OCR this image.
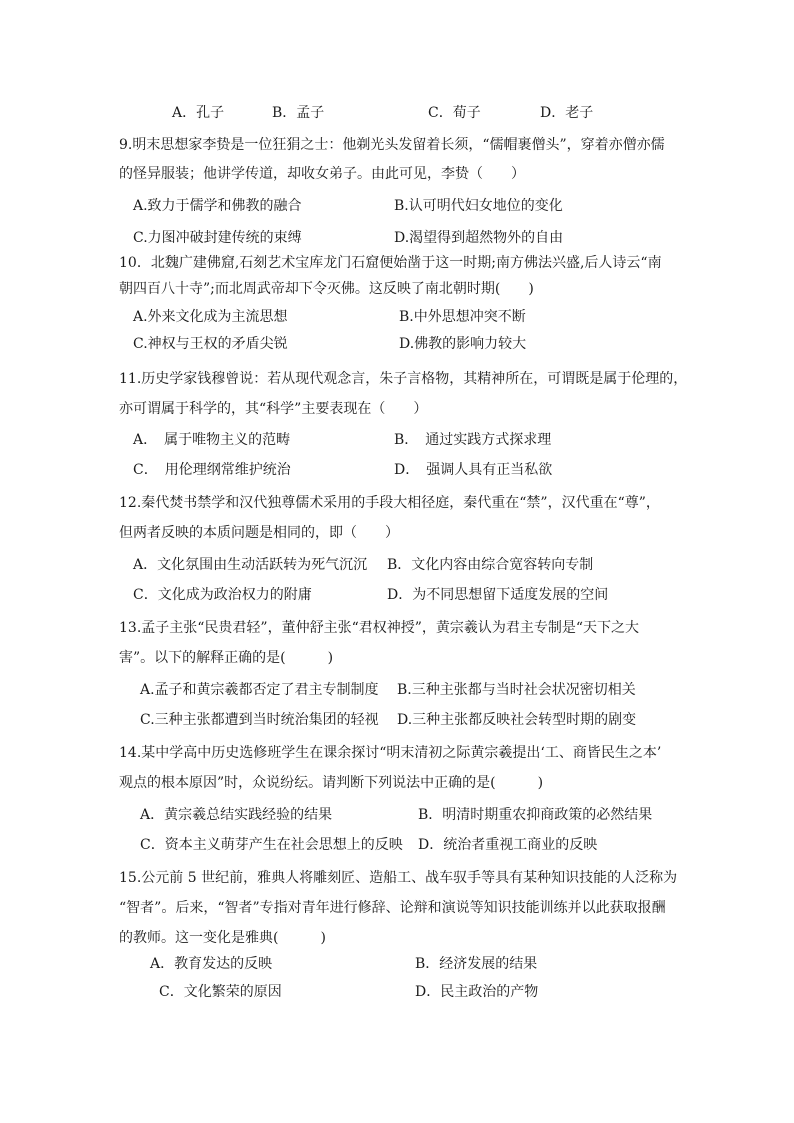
A．孔子	B．孟子	C．荀子	D．老子
9.明末思想家李贽是一位狂狷之士：他剃光头发留着长须，“儒帽裹僧头”，穿着亦僧亦儒
的怪异服装；他讲学传道，却收女弟子。由此可见，李贽（　　）
A.致力于儒学和佛教的融合	B.认可明代妇女地位的变化
C.力图冲破封建传统的束缚	D.渴望得到超然物外的自由
10．北魏广建佛窟,石刻艺术宝库龙门石窟便始凿于这一时期;南方佛法兴盛,后人诗云“南
朝四百八十寺”;而北周武帝却下令灭佛。这反映了南北朝时期(　　)
A.外来文化成为主流思想	B.中外思想冲突不断
C.神权与王权的矛盾尖锐	D.佛教的影响力较大
11.历史学家钱穆曾说：若从现代观念言，朱子言格物，其精神所在，可谓既是属于伦理的，
亦可谓属于科学的，其“科学”主要表现在（　　）
A．　属于唯物主义的范畴	B．　通过实践方式探求理
C．　用伦理纲常维护统治	D．　强调人具有正当私欲
12.秦代焚书禁学和汉代独尊儒术采用的手段大相径庭，秦代重在“禁”，汉代重在“尊”，
但两者反映的本质问题是相同的，即（　　）
A．文化氛围由生动活跃转为死气沉沉 B．文化内容由综合宽容转向专制
C．文化成为政治权力的附庸	D．为不同思想留下适度发展的空间
13.孟子主张“民贵君轻”，董仲舒主张“君权神授”，黄宗羲认为君主专制是“天下之大
害”。以下的解释正确的是(　　　)
A.孟子和黄宗羲都否定了君主专制制度 B.三种主张都与当时社会状况密切相关
C.三种主张都遭到当时统治集团的轻视 D.三种主张都反映社会转型时期的剧变
14.某中学高中历史选修班学生在课余探讨“明末清初之际黄宗羲提出‘工、商皆民生之本’
观点的根本原因”时，众说纷纭。请判断下列说法中正确的是(　　　)
A．黄宗羲总结实践经验的结果	B．明清时期重农抑商政策的必然结果
C．资本主义萌芽产生在社会思想上的反映 D．统治者重视工商业的反映
15.公元前 5 世纪前，雅典人将雕刻匠、造船工、战车驭手等具有某种知识技能的人泛称为
“智者”。后来，“智者”专指对青年进行修辞、论辩和演说等知识技能训练并以此获取报酬
的教师。这一变化是雅典(　　　)
A．教育发达的反映	B．经济发展的结果
C．文化繁荣的原因	D．民主政治的产物
